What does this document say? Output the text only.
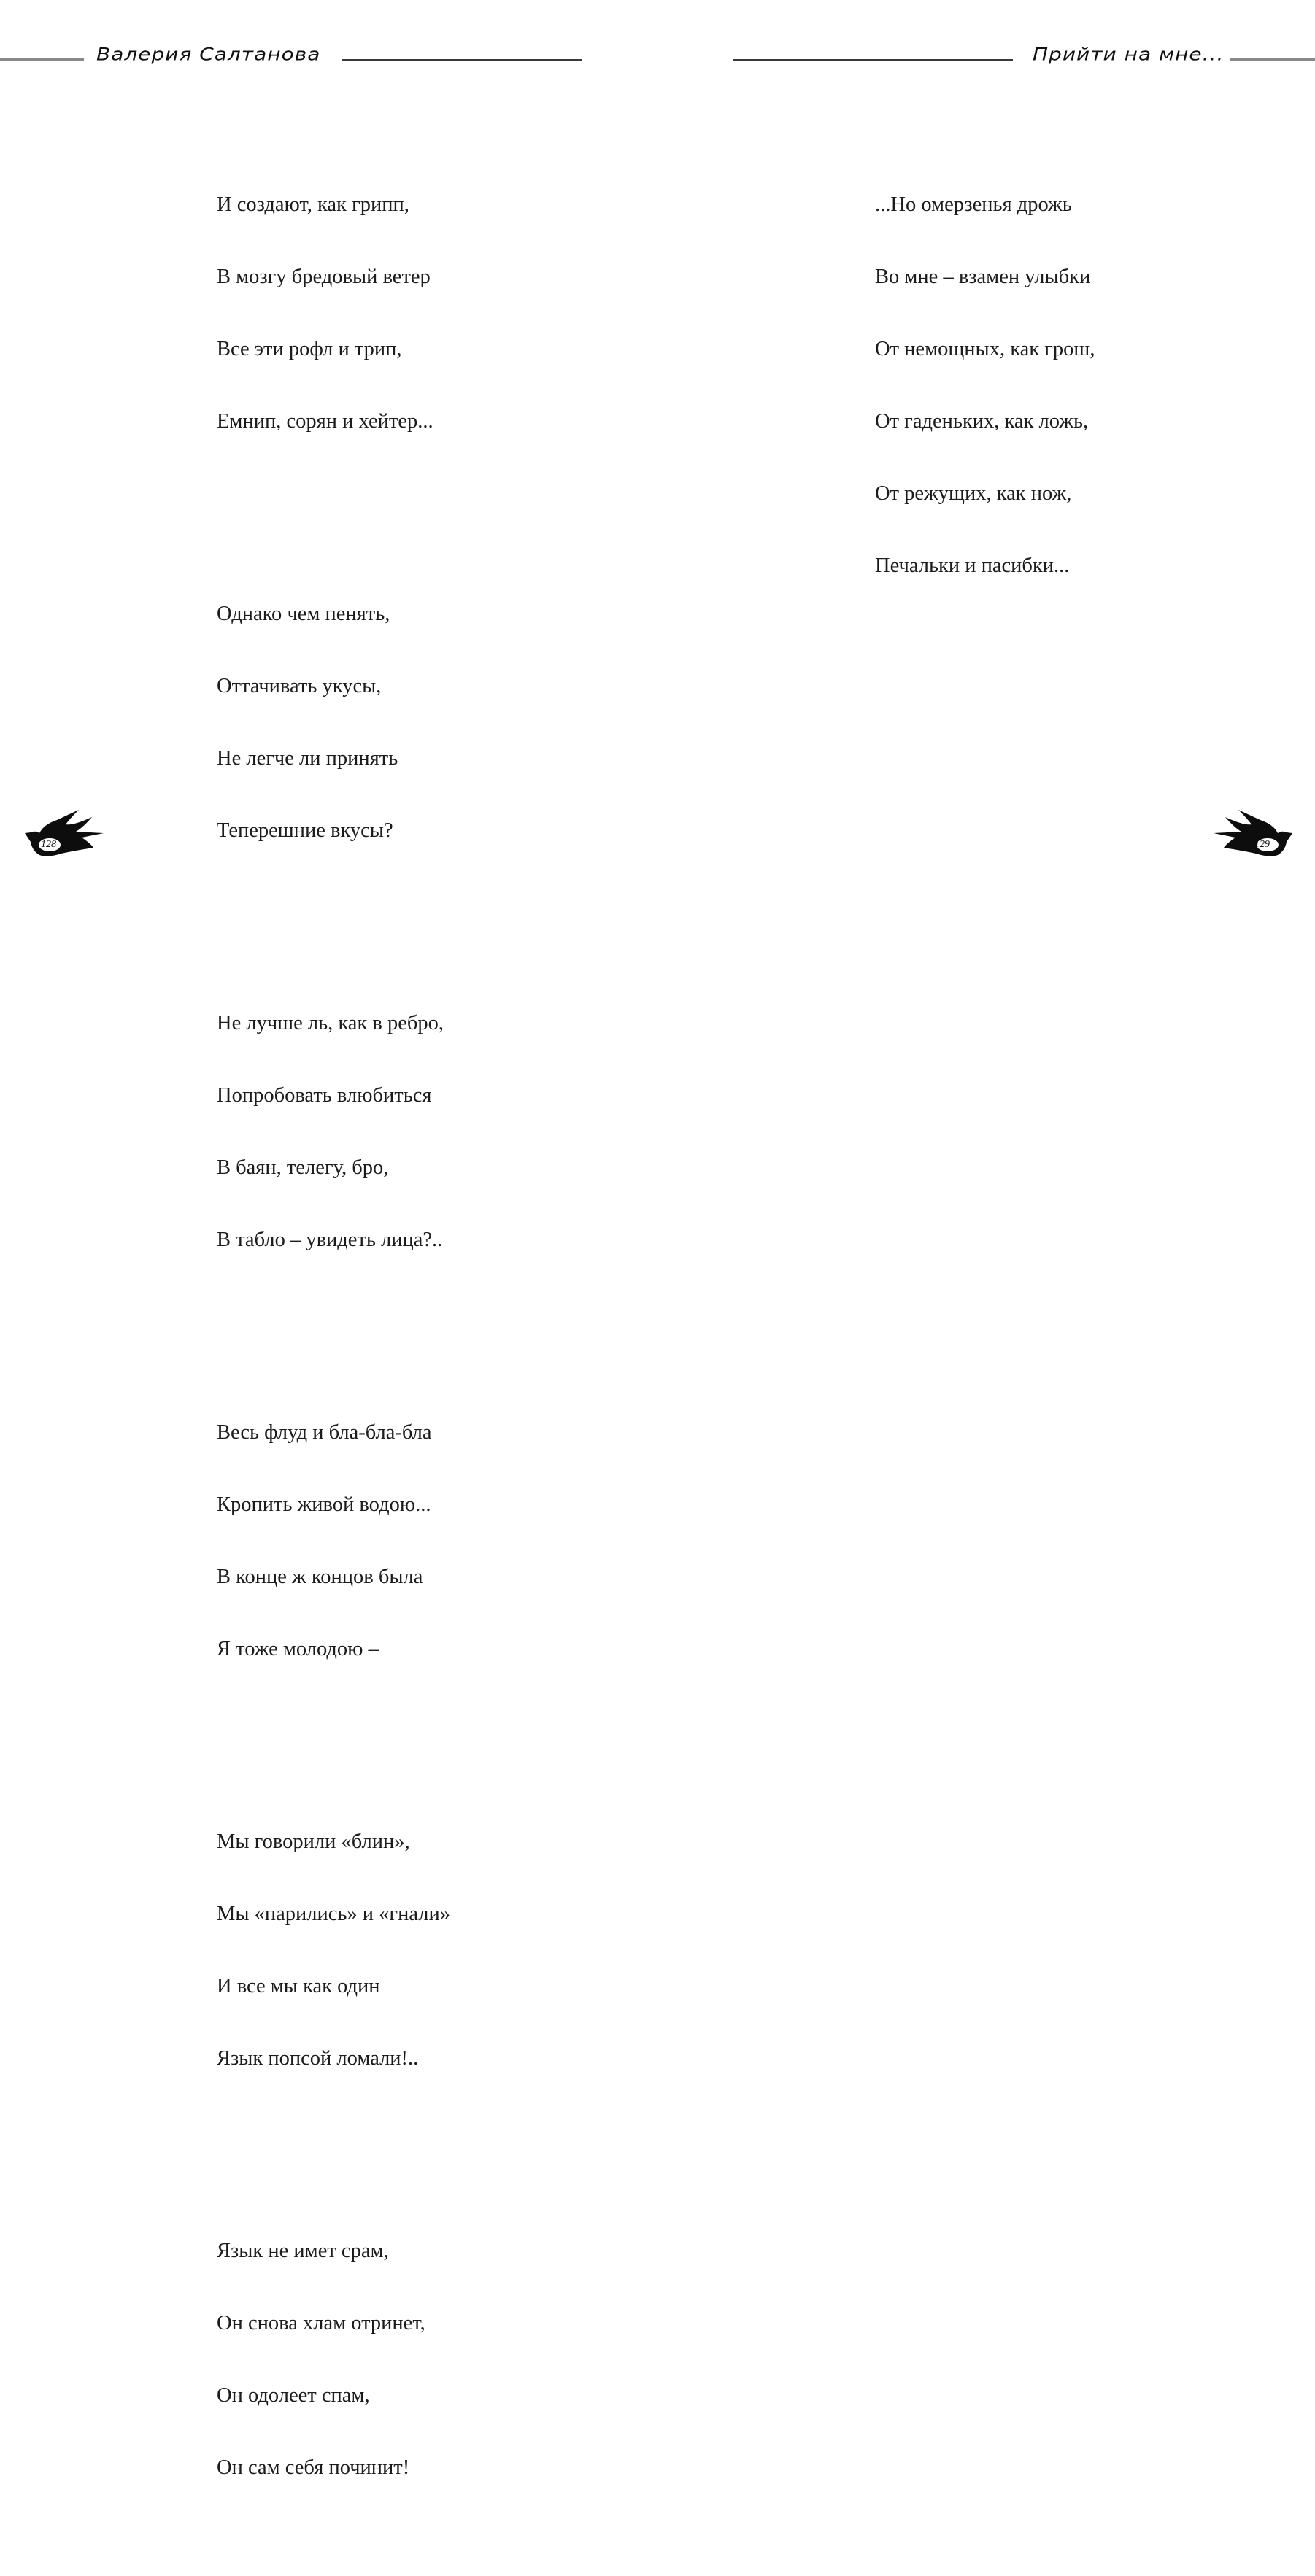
Валерия Салтанова	Прийти на мне...

И создают, как грипп,

В мозгу бредовый ветер

Все эти рофл и трип,

Емнип, сорян и хейтер...

Однако чем пенять,

Оттачивать укусы,

Не легче ли принять

Теперешние вкусы?

Не лучше ль, как в ребро,

Попробовать влюбиться

В баян, телегу, бро,

В табло – увидеть лица?..

Весь флуд и бла-бла-бла

Кропить живой водою...

В конце ж концов была

Я тоже молодою –

Мы говорили «блин»,

Мы «парились» и «гнали»

И все мы как один

Язык попсой ломали!..

Язык не имет срам,

Он снова хлам отринет,

Он одолеет спам,

Он сам себя починит!

...Но омерзенья дрожь

Во мне – взамен улыбки

От немощных, как грош,

От гаденьких, как ложь,

От режущих, как нож,

Печальки и пасибки...

128	129
